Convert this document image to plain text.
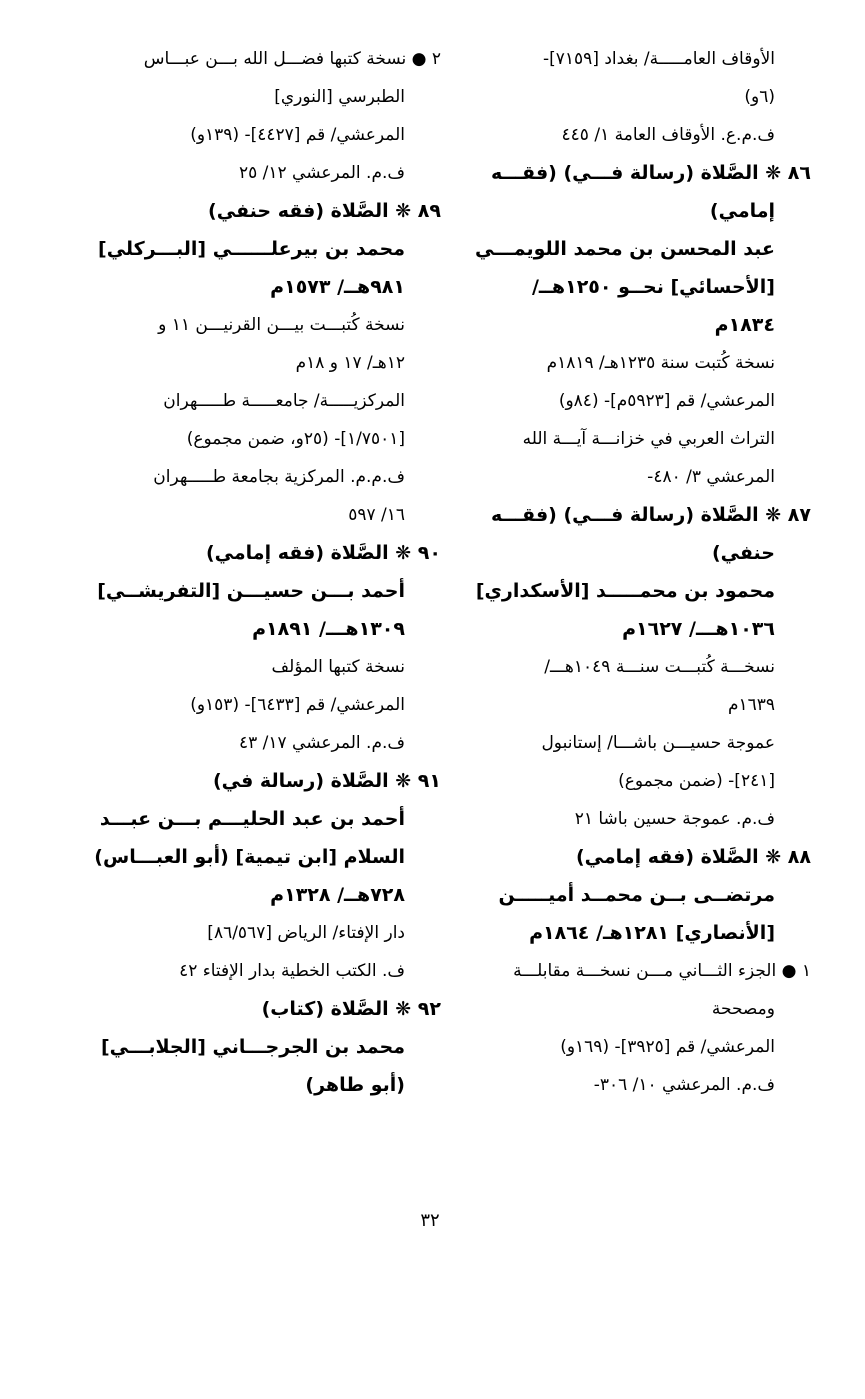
الأوقاف العامـــــة/ بغداد [٧١٥٩]-
(٦و)
ف.م.ع. الأوقاف العامة ١/ ٤٤٥
٨٦ ❋ الصَّلاة (رسالة فـــي) (فقـــه
إمامي)
عبد المحسن بن محمد اللويمـــي
[الأحسائي] نحــو ١٢٥٠هــ/
١٨٣٤م
نسخة كُتبت سنة ١٢٣٥هـ/ ١٨١٩م
المرعشي/ قم [٥٩٢٣م]- (٨٤و)
التراث العربي في خزانـــة آيـــة الله
المرعشي ٣/ ٤٨٠-
٨٧ ❋ الصَّلاة (رسالة فـــي) (فقـــه
حنفي)
محمود بن محمـــــد [الأسكداري]
١٠٣٦هـــ/ ١٦٢٧م
نسخـــة كُتبـــت سنـــة ١٠٤٩هـــ/
١٦٣٩م
عموجة حسيـــن باشـــا/ إستانبول
[٢٤١]- (ضمن مجموع)
ف.م. عموجة حسين باشا ٢١
٨٨ ❋ الصَّلاة (فقه إمامي)
مرتضــى بــن محمــد أميـــــن
[الأنصاري] ١٢٨١هـ/ ١٨٦٤م
١ ● الجزء الثـــاني مـــن نسخـــة مقابلـــة
ومصححة
المرعشي/ قم [٣٩٢٥]- (١٦٩و)
ف.م. المرعشي ١٠/ ٣٠٦-
٢ ● نسخة كتبها فضـــل الله بـــن عبـــاس
الطبرسي [النوري]
المرعشي/ قم [٤٤٢٧]- (١٣٩و)
ف.م. المرعشي ١٢/ ٢٥
٨٩ ❋ الصَّلاة (فقه حنفي)
محمد بن بيرعلــــــي [البـــركلي]
٩٨١هــ/ ١٥٧٣م
نسخة كُتبـــت بيـــن القرنيـــن ١١ و
١٢هـ/ ١٧ و ١٨م
المركزيـــــة/ جامعـــــة طـــــهران
[١/٧٥٠١]- (٢٥و، ضمن مجموع)
ف.م.م. المركزية بجامعة طـــــهران
١٦/ ٥٩٧
٩٠ ❋ الصَّلاة (فقه إمامي)
أحمد بـــن حسيـــن [التفريشــي]
١٣٠٩هـــ/ ١٨٩١م
نسخة كتبها المؤلف
المرعشي/ قم [٦٤٣٣]- (١٥٣و)
ف.م. المرعشي ١٧/ ٤٣
٩١ ❋ الصَّلاة (رسالة في)
أحمد بن عبد الحليـــم بـــن عبـــد
السلام [ابن تيمية] (أبو العبـــاس)
٧٢٨هــ/ ١٣٢٨م
دار الإفتاء/ الرياض [٨٦/٥٦٧]
ف. الكتب الخطية بدار الإفتاء ٤٢
٩٢ ❋ الصَّلاة (كتاب)
محمد بن الجرجـــاني [الجلابـــي]
(أبو طاهر)
٣٢
